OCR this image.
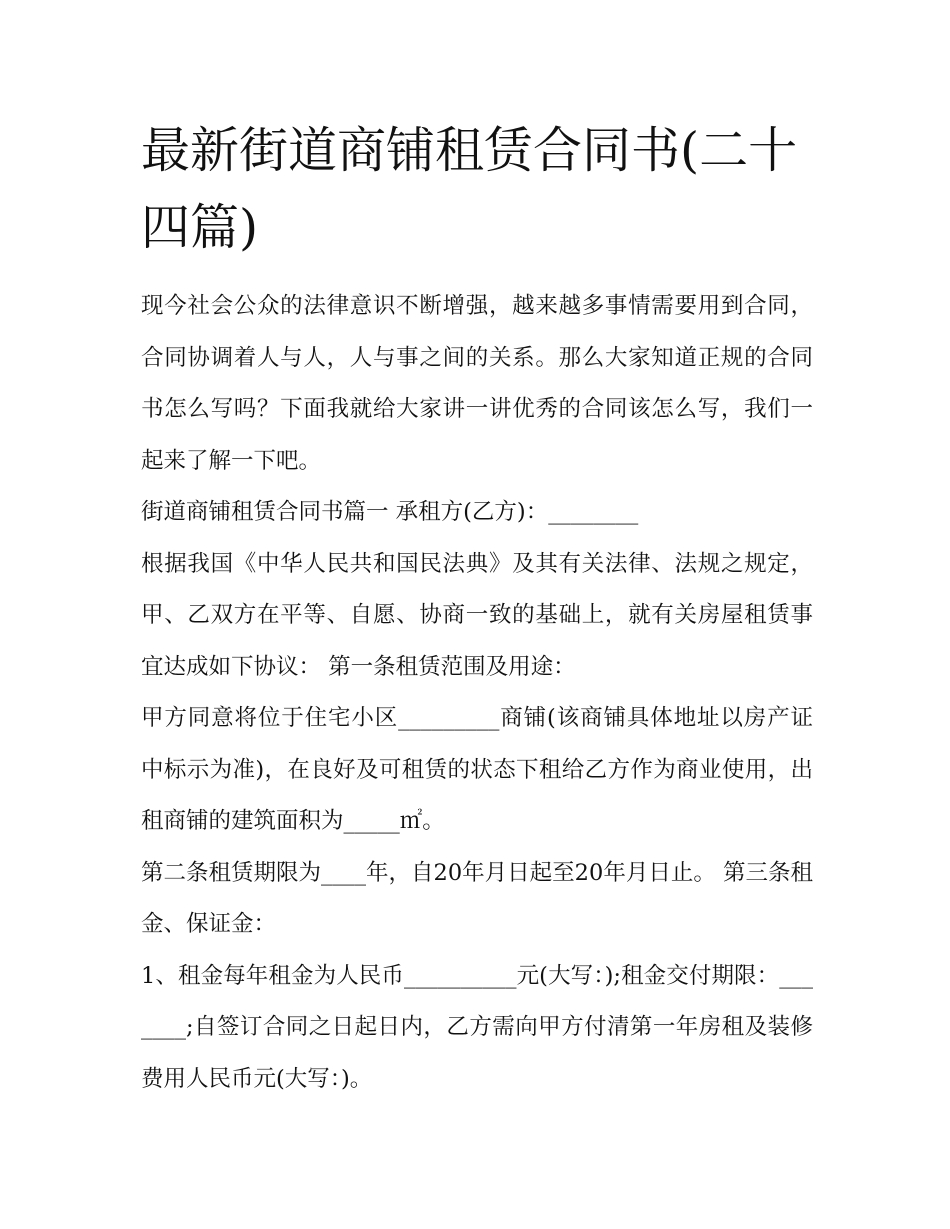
最新街道商铺租赁合同书(二十四篇)

现今社会公众的法律意识不断增强，越来越多事情需要用到合同，合同协调着人与人，人与事之间的关系。那么大家知道正规的合同书怎么写吗？下面我就给大家讲一讲优秀的合同该怎么写，我们一起来了解一下吧。

街道商铺租赁合同书篇一 承租方(乙方)：________

根据我国《中华人民共和国民法典》及其有关法律、法规之规定，甲、乙双方在平等、自愿、协商一致的基础上，就有关房屋租赁事宜达成如下协议： 第一条租赁范围及用途：

甲方同意将位于住宅小区_________商铺(该商铺具体地址以房产证中标示为准)，在良好及可租赁的状态下租给乙方作为商业使用，出租商铺的建筑面积为_____㎡。

第二条租赁期限为____年，自20年月日起至20年月日止。 第三条租金、保证金：

1、租金每年租金为人民币__________元(大写：);租金交付期限：_______;自签订合同之日起日内，乙方需向甲方付清第一年房租及装修费用人民币元(大写：)。
